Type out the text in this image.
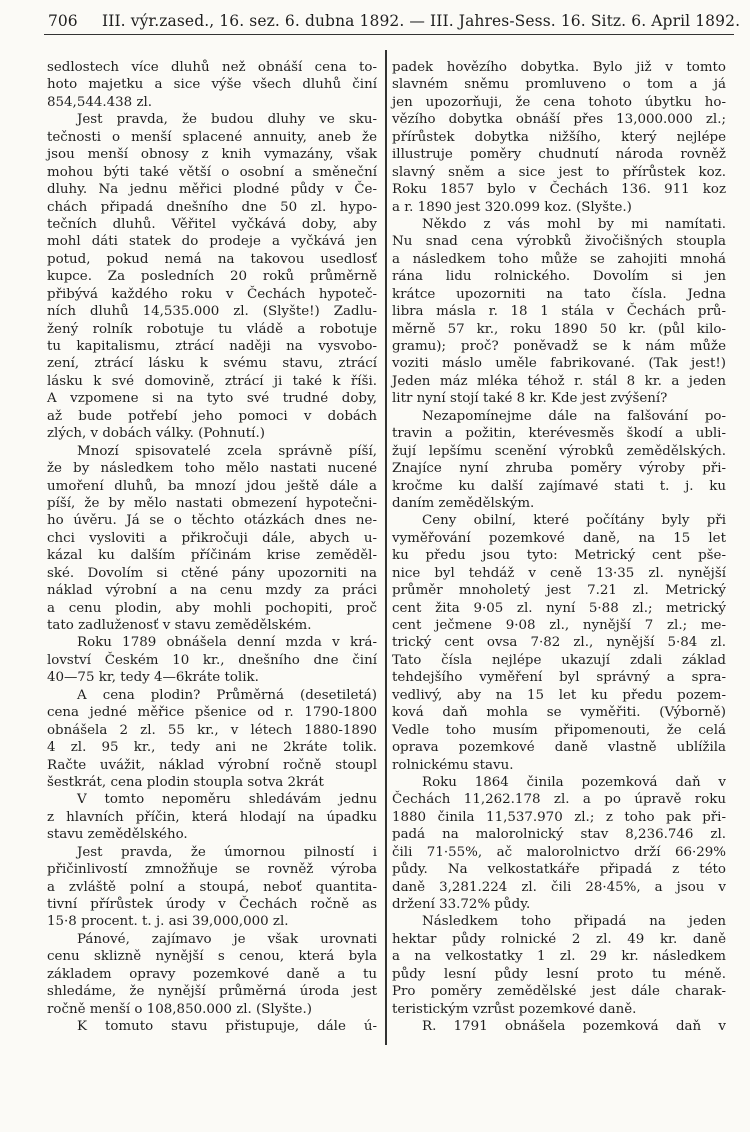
706 III. výr.zased., 16. sez. 6. dubna 1892. — III. Jahres-Sess. 16. Sitz. 6. April 1892.
sedlostech více dluhů než obnáší cena to-
hoto majetku a sice výše všech dluhů činí
854,544.438 zl.
Jest pravda, že budou dluhy ve sku-
tečnosti o menší splacené annuity, aneb že
jsou menší obnosy z knih vymazány, však
mohou býti také větší o osobní a směneční
dluhy. Na jednu měřici plodné půdy v Če-
chách připadá dnešního dne 50 zl. hypo-
tečních dluhů. Věřitel vyčkává doby, aby
mohl dáti statek do prodeje a vyčkává jen
potud, pokud nemá na takovou usedlosť
kupce. Za posledních 20 roků průměrně
přibývá každého roku v Čechách hypoteč-
ních dluhů 14,535.000 zl. (Slyšte!) Zadlu-
žený rolník robotuje tu vládě a robotuje
tu kapitalismu, ztrácí naději na vysvobo-
zení, ztrácí lásku k svému stavu, ztrácí
lásku k své domovině, ztrácí ji také k říši.
A vzpomene si na tyto své trudné doby,
až bude potřebí jeho pomoci v dobách
zlých, v dobách války. (Pohnutí.)
Mnozí spisovatelé zcela správně píší,
že by následkem toho mělo nastati nucené
umoření dluhů, ba mnozí jdou ještě dále a
píší, že by mělo nastati obmezení hypotečni-
ho úvěru. Já se o těchto otázkách dnes ne-
chci vysloviti a přikročuji dále, abych u-
kázal ku dalším příčinám krise zeměděl-
ské. Dovolím si ctěné pány upozorniti na
náklad výrobní a na cenu mzdy za práci
a cenu plodin, aby mohli pochopiti, proč
tato zadluženosť v stavu zemědělském.
Roku 1789 obnášela denní mzda v krá-
lovství Českém 10 kr., dnešního dne činí
40—75 kr, tedy 4—6kráte tolik.
A cena plodin? Průměrná (desetiletá)
cena jedné měřice pšenice od r. 1790-1800
obnášela 2 zl. 55 kr., v létech 1880-1890
4 zl. 95 kr., tedy ani ne 2kráte tolik.
Račte uvážit, náklad výrobní ročně stoupl
šestkrát, cena plodin stoupla sotva 2krát
V tomto nepoměru shledávám jednu
z hlavních příčin, která hlodají na úpadku
stavu zemědělského.
Jest pravda, že úmornou pilností i
přičinlivostí zmnožňuje se rovněž výroba
a zvláště polní a stoupá, neboť quantita-
tivní přírůstek úrody v Čechách ročně as
15·8 procent. t. j. asi 39,000,000 zl.
Pánové, zajímavo je však urovnati
cenu sklizně nynější s cenou, která byla
základem opravy pozemkové daně a tu
shledáme, že nynější průměrná úroda jest
ročně menší o 108,850.000 zl. (Slyšte.)
K tomuto stavu přistupuje, dále ú-
padek hovězího dobytka. Bylo již v tomto
slavném sněmu promluveno o tom a já
jen upozorňuji, že cena tohoto úbytku ho-
vězího dobytka obnáší přes 13,000.000 zl.;
přírůstek dobytka nižšího, který nejlépe
illustruje poměry chudnutí národa rovněž
slavný sněm a sice jest to přírůstek koz.
Roku 1857 bylo v Čechách 136. 911 koz
a r. 1890 jest 320.099 koz. (Slyšte.)
Někdo z vás mohl by mi namítati.
Nu snad cena výrobků živočišných stoupla
a následkem toho může se zahojiti mnohá
rána lidu rolnického. Dovolím si jen
krátce upozorniti na tato čísla. Jedna
libra másla r. 18 1 stála v Čechách prů-
měrně 57 kr., roku 1890 50 kr. (půl kilo-
gramu); proč? poněvadž se k nám může
voziti máslo uměle fabrikované. (Tak jest!)
Jeden máz mléka téhož r. stál 8 kr. a jeden
litr nyní stojí také 8 kr. Kde jest zvýšení?
Nezapomínejme dále na falšování po-
travin a požitin, kterévesměs škodí a ubli-
žují lepšímu scenění výrobků zemědělských.
Znajíce nyní zhruba poměry výroby při-
kročme ku další zajímavé stati t. j. ku
daním zemědělským.
Ceny obilní, které počítány byly při
vyměřování pozemkové daně, na 15 let
ku předu jsou tyto: Metrický cent pše-
nice byl tehdáž v ceně 13·35 zl. nynější
průměr mnoholetý jest 7.21 zl. Metrický
cent žita 9·05 zl. nyní 5·88 zl.; metrický
cent ječmene 9·08 zl., nynější 7 zl.; me-
trický cent ovsa 7·82 zl., nynější 5·84 zl.
Tato čísla nejlépe ukazují zdali základ
tehdejšího vyměření byl správný a spra-
vedlivý, aby na 15 let ku předu pozem-
ková daň mohla se vyměřiti. (Výborně)
Vedle toho musím připomenouti, že celá
oprava pozemkové daně vlastně ublížila
rolnickému stavu.
Roku 1864 činila pozemková daň v
Čechách 11,262.178 zl. a po úpravě roku
1880 činila 11,537.970 zl.; z toho pak při-
padá na malorolnický stav 8,236.746 zl.
čili 71·55%, ač malorolnictvo drží 66·29%
půdy. Na velkostatkáře připadá z této
daně 3,281.224 zl. čili 28·45%, a jsou v
držení 33.72% půdy.
Následkem toho připadá na jeden
hektar půdy rolnické 2 zl. 49 kr. daně
a na velkostatky 1 zl. 29 kr. následkem
půdy lesní půdy lesní proto tu méně.
Pro poměry zemědělské jest dále charak-
teristickým vzrůst pozemkové daně.
R. 1791 obnášela pozemková daň v
